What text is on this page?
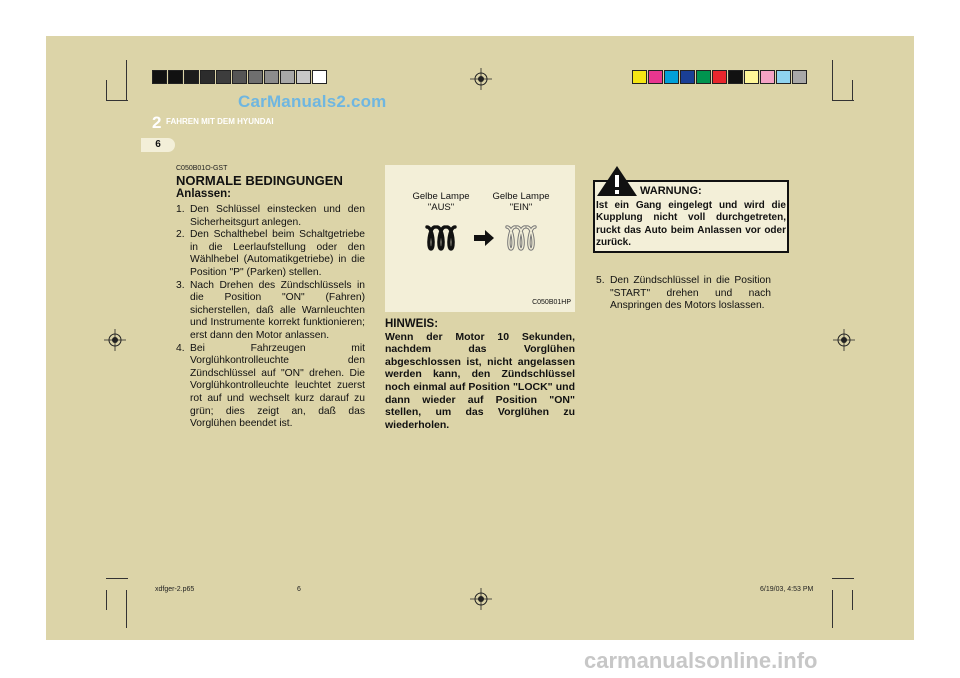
CarManuals2.com
2 FAHREN MIT DEM HYUNDAI
6
C050B01O-GST
NORMALE BEDINGUNGEN
Anlassen:
1. Den Schlüssel einstecken und den Sicherheitsgurt anlegen.
2. Den Schalthebel beim Schaltgetriebe in die Leerlaufstellung oder den Wählhebel (Automatikgetriebe) in die Position "P" (Parken) stellen.
3. Nach Drehen des Zündschlüssels in die Position "ON" (Fahren) sicherstellen, daß alle Warnleuchten und Instrumente korrekt funktionieren; erst dann den Motor anlassen.
4. Bei Fahrzeugen mit Vorglühkontrolleuchte den Zündschlüssel auf "ON" drehen. Die Vorglühkontrolleuchte leuchtet zuerst rot auf und wechselt kurz darauf zu grün; dies zeigt an, daß das Vorglühen beendet ist.
Gelbe Lampe
"AUS"
Gelbe Lampe
"EIN"
C050B01HP
HINWEIS:
Wenn der Motor 10 Sekunden, nachdem das Vorglühen abgeschlossen ist, nicht angelassen werden kann, den Zündschlüssel noch einmal auf Position "LOCK" und dann wieder auf Position "ON" stellen, um das Vorglühen zu wiederholen.
WARNUNG:
Ist ein Gang eingelegt und wird die Kupplung nicht voll durchgetreten, ruckt das Auto beim Anlassen vor oder zurück.
5. Den Zündschlüssel in die Position "START" drehen und nach Anspringen des Motors loslassen.
xdfger-2.p65	6	6/19/03, 4:53 PM
carmanualsonline.info
